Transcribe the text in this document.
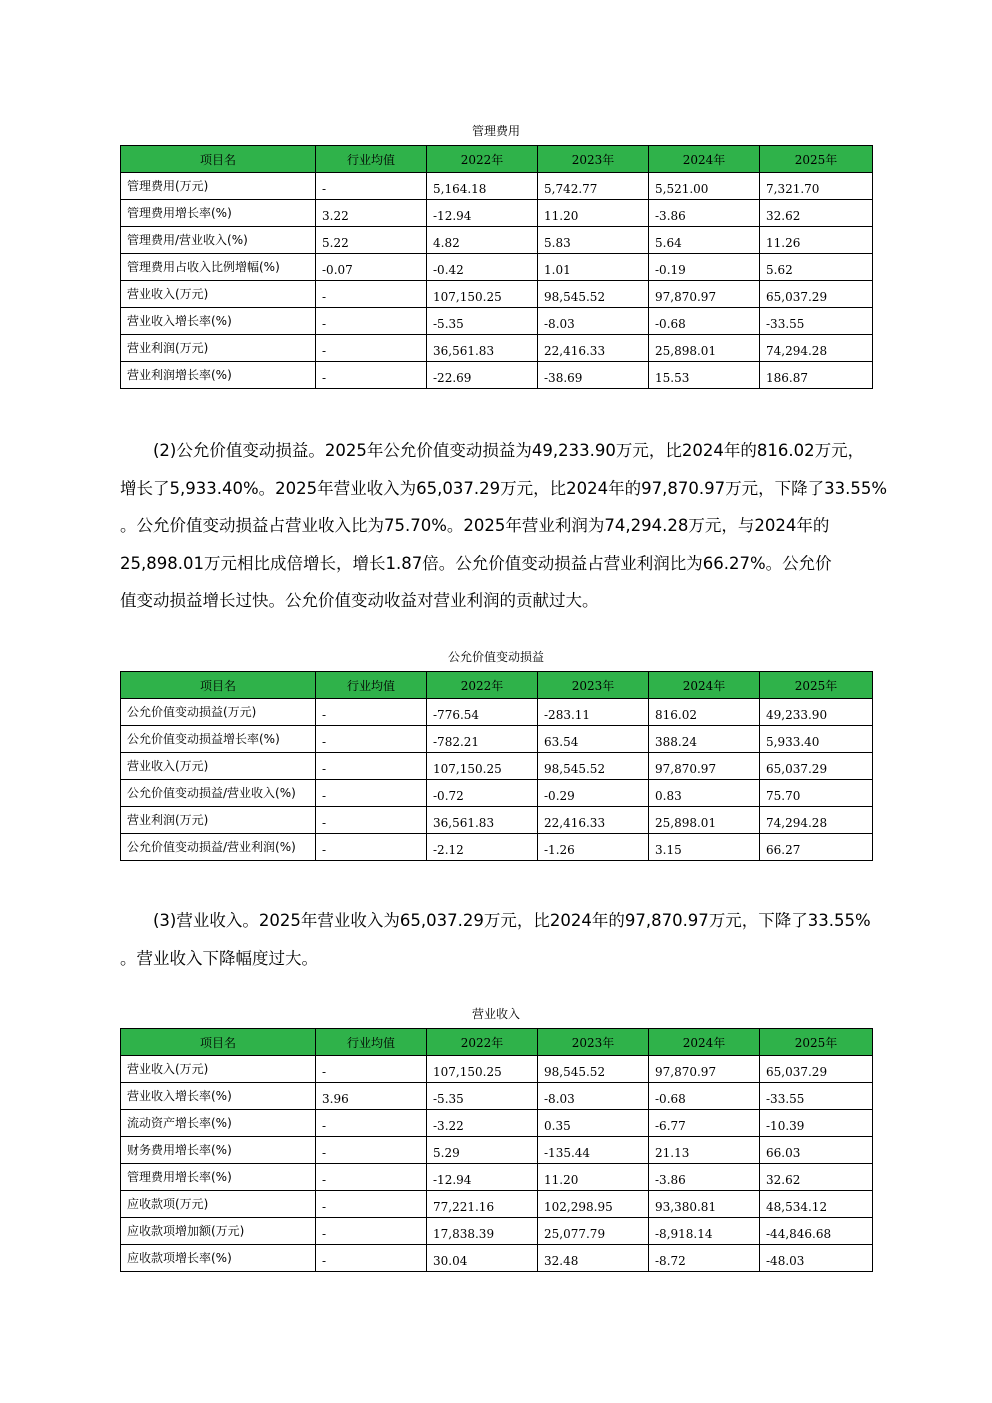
管理费用
项目名	行业均值	2022年	2023年	2024年	2025年
管理费用(万元)	-	5,164.18	5,742.77	5,521.00	7,321.70
管理费用增长率(%)	3.22	-12.94	11.20	-3.86	32.62
管理费用/营业收入(%)	5.22	4.82	5.83	5.64	11.26
管理费用占收入比例增幅(%)	-0.07	-0.42	1.01	-0.19	5.62
营业收入(万元)	-	107,150.25	98,545.52	97,870.97	65,037.29
营业收入增长率(%)	-	-5.35	-8.03	-0.68	-33.55
营业利润(万元)	-	36,561.83	22,416.33	25,898.01	74,294.28
营业利润增长率(%)	-	-22.69	-38.69	15.53	186.87

(2)公允价值变动损益。2025年公允价值变动损益为49,233.90万元，比2024年的816.02万元，

增长了5,933.40%。2025年营业收入为65,037.29万元，比2024年的97,870.97万元，下降了33.55%

。公允价值变动损益占营业收入比为75.70%。2025年营业利润为74,294.28万元，与2024年的

25,898.01万元相比成倍增长，增长1.87倍。公允价值变动损益占营业利润比为66.27%。公允价

值变动损益增长过快。公允价值变动收益对营业利润的贡献过大。

公允价值变动损益
项目名	行业均值	2022年	2023年	2024年	2025年
公允价值变动损益(万元)	-	-776.54	-283.11	816.02	49,233.90
公允价值变动损益增长率(%)	-	-782.21	63.54	388.24	5,933.40
营业收入(万元)	-	107,150.25	98,545.52	97,870.97	65,037.29
公允价值变动损益/营业收入(%)	-	-0.72	-0.29	0.83	75.70
营业利润(万元)	-	36,561.83	22,416.33	25,898.01	74,294.28
公允价值变动损益/营业利润(%)	-	-2.12	-1.26	3.15	66.27

(3)营业收入。2025年营业收入为65,037.29万元，比2024年的97,870.97万元，下降了33.55%

。营业收入下降幅度过大。

营业收入
项目名	行业均值	2022年	2023年	2024年	2025年
营业收入(万元)	-	107,150.25	98,545.52	97,870.97	65,037.29
营业收入增长率(%)	3.96	-5.35	-8.03	-0.68	-33.55
流动资产增长率(%)	-	-3.22	0.35	-6.77	-10.39
财务费用增长率(%)	-	5.29	-135.44	21.13	66.03
管理费用增长率(%)	-	-12.94	11.20	-3.86	32.62
应收款项(万元)	-	77,221.16	102,298.95	93,380.81	48,534.12
应收款项增加额(万元)	-	17,838.39	25,077.79	-8,918.14	-44,846.68
应收款项增长率(%)	-	30.04	32.48	-8.72	-48.03
